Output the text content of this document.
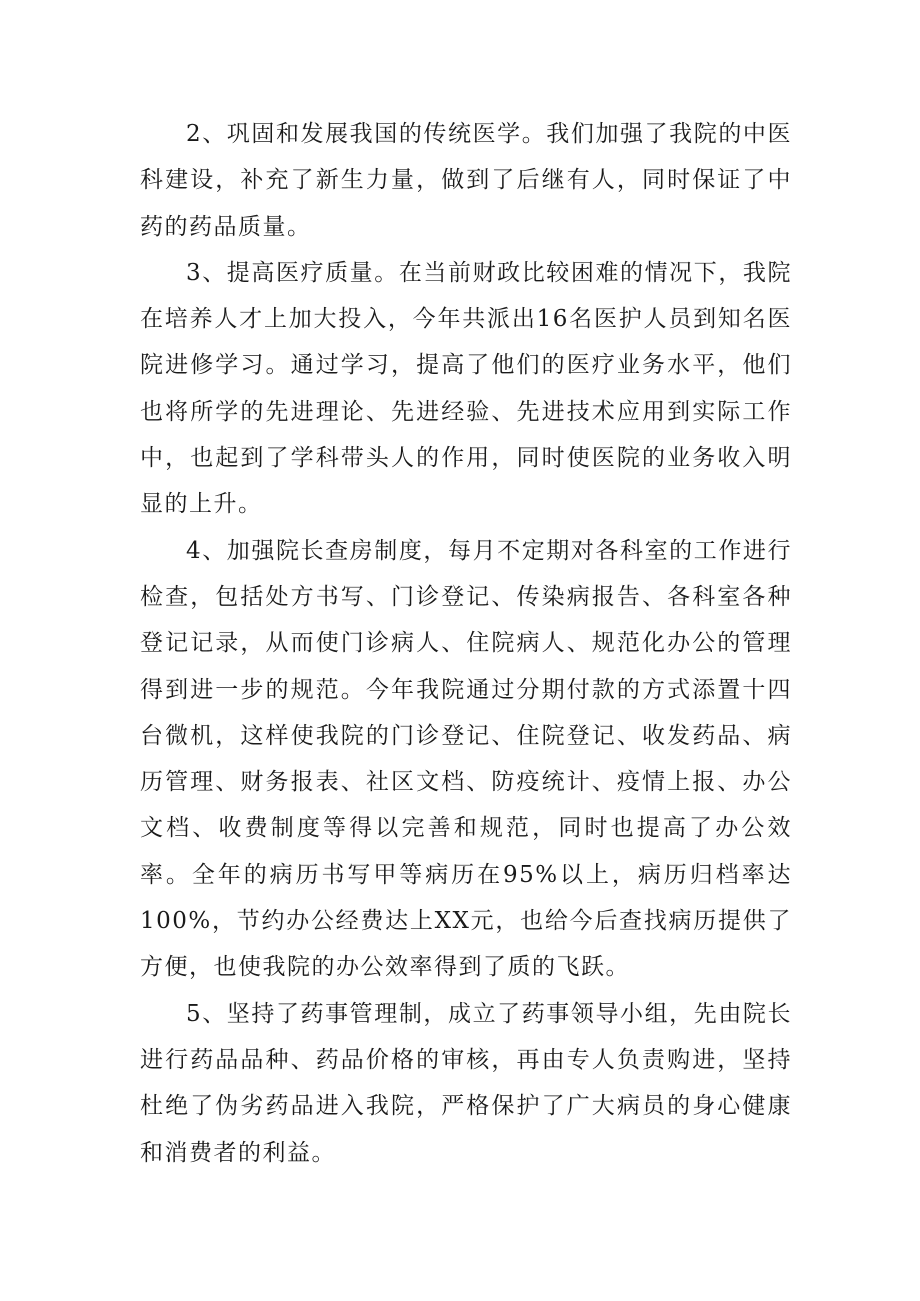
2、巩固和发展我国的传统医学。我们加强了我院的中医科建设，补充了新生力量，做到了后继有人，同时保证了中药的药品质量。

3、提高医疗质量。在当前财政比较困难的情况下，我院在培养人才上加大投入，今年共派出16名医护人员到知名医院进修学习。通过学习，提高了他们的医疗业务水平，他们也将所学的先进理论、先进经验、先进技术应用到实际工作中，也起到了学科带头人的作用，同时使医院的业务收入明显的上升。

4、加强院长查房制度，每月不定期对各科室的工作进行检查，包括处方书写、门诊登记、传染病报告、各科室各种登记记录，从而使门诊病人、住院病人、规范化办公的管理得到进一步的规范。今年我院通过分期付款的方式添置十四台微机，这样使我院的门诊登记、住院登记、收发药品、病历管理、财务报表、社区文档、防疫统计、疫情上报、办公文档、收费制度等得以完善和规范，同时也提高了办公效率。全年的病历书写甲等病历在95%以上，病历归档率达100%，节约办公经费达上XX元，也给今后查找病历提供了方便，也使我院的办公效率得到了质的飞跃。

5、坚持了药事管理制，成立了药事领导小组，先由院长进行药品品种、药品价格的审核，再由专人负责购进，坚持杜绝了伪劣药品进入我院，严格保护了广大病员的身心健康和消费者的利益。
